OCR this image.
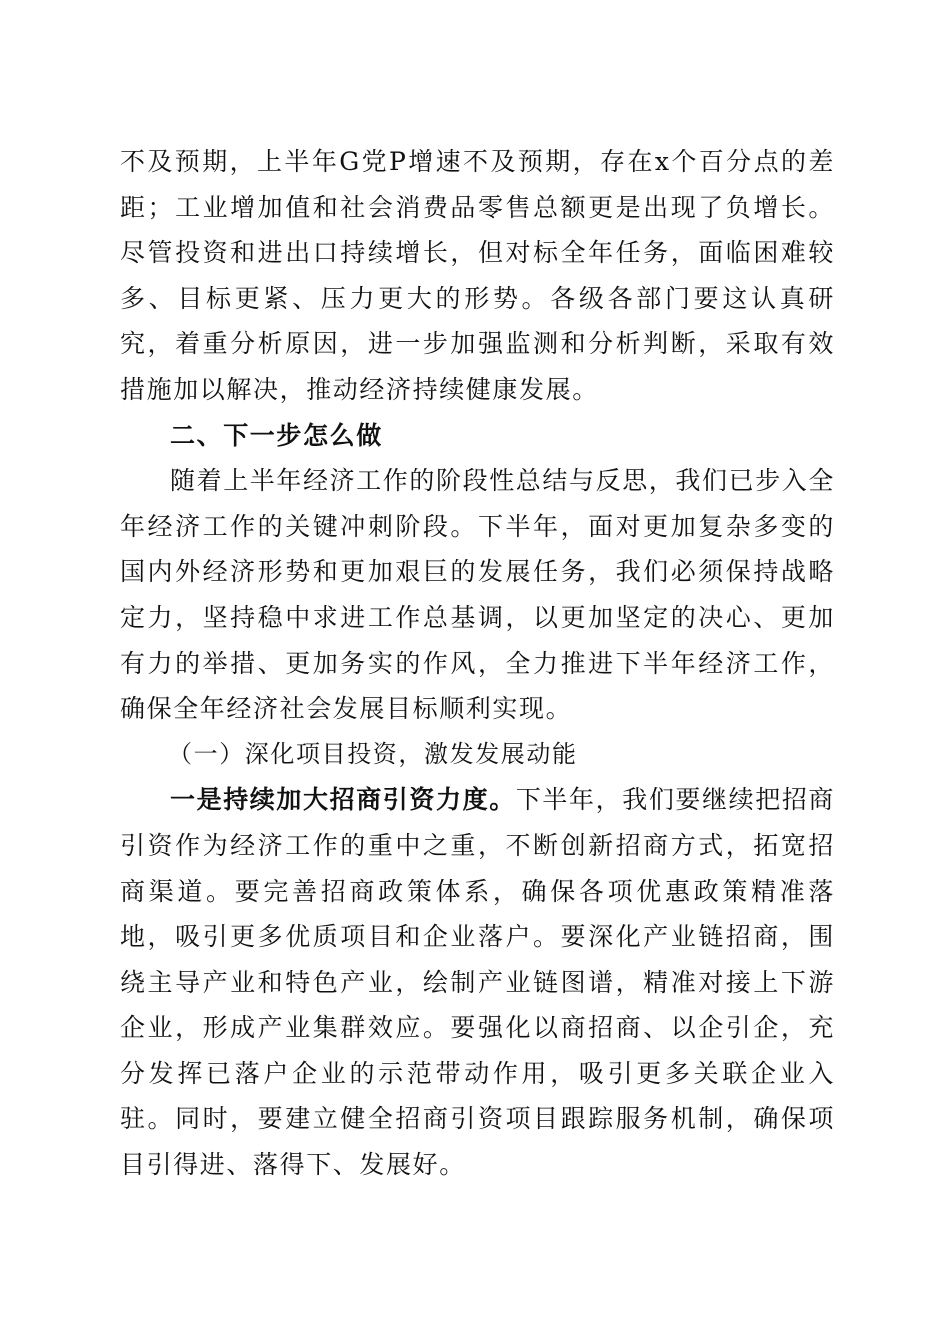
不及预期，上半年G党P增速不及预期，存在x个百分点的差距；工业增加值和社会消费品零售总额更是出现了负增长。尽管投资和进出口持续增长，但对标全年任务，面临困难较多、目标更紧、压力更大的形势。各级各部门要这认真研究，着重分析原因，进一步加强监测和分析判断，采取有效措施加以解决，推动经济持续健康发展。

二、下一步怎么做

随着上半年经济工作的阶段性总结与反思，我们已步入全年经济工作的关键冲刺阶段。下半年，面对更加复杂多变的国内外经济形势和更加艰巨的发展任务，我们必须保持战略定力，坚持稳中求进工作总基调，以更加坚定的决心、更加有力的举措、更加务实的作风，全力推进下半年经济工作，确保全年经济社会发展目标顺利实现。

（一）深化项目投资，激发发展动能

一是持续加大招商引资力度。下半年，我们要继续把招商引资作为经济工作的重中之重，不断创新招商方式，拓宽招商渠道。要完善招商政策体系，确保各项优惠政策精准落地，吸引更多优质项目和企业落户。要深化产业链招商，围绕主导产业和特色产业，绘制产业链图谱，精准对接上下游企业，形成产业集群效应。要强化以商招商、以企引企，充分发挥已落户企业的示范带动作用，吸引更多关联企业入驻。同时，要建立健全招商引资项目跟踪服务机制，确保项目引得进、落得下、发展好。
